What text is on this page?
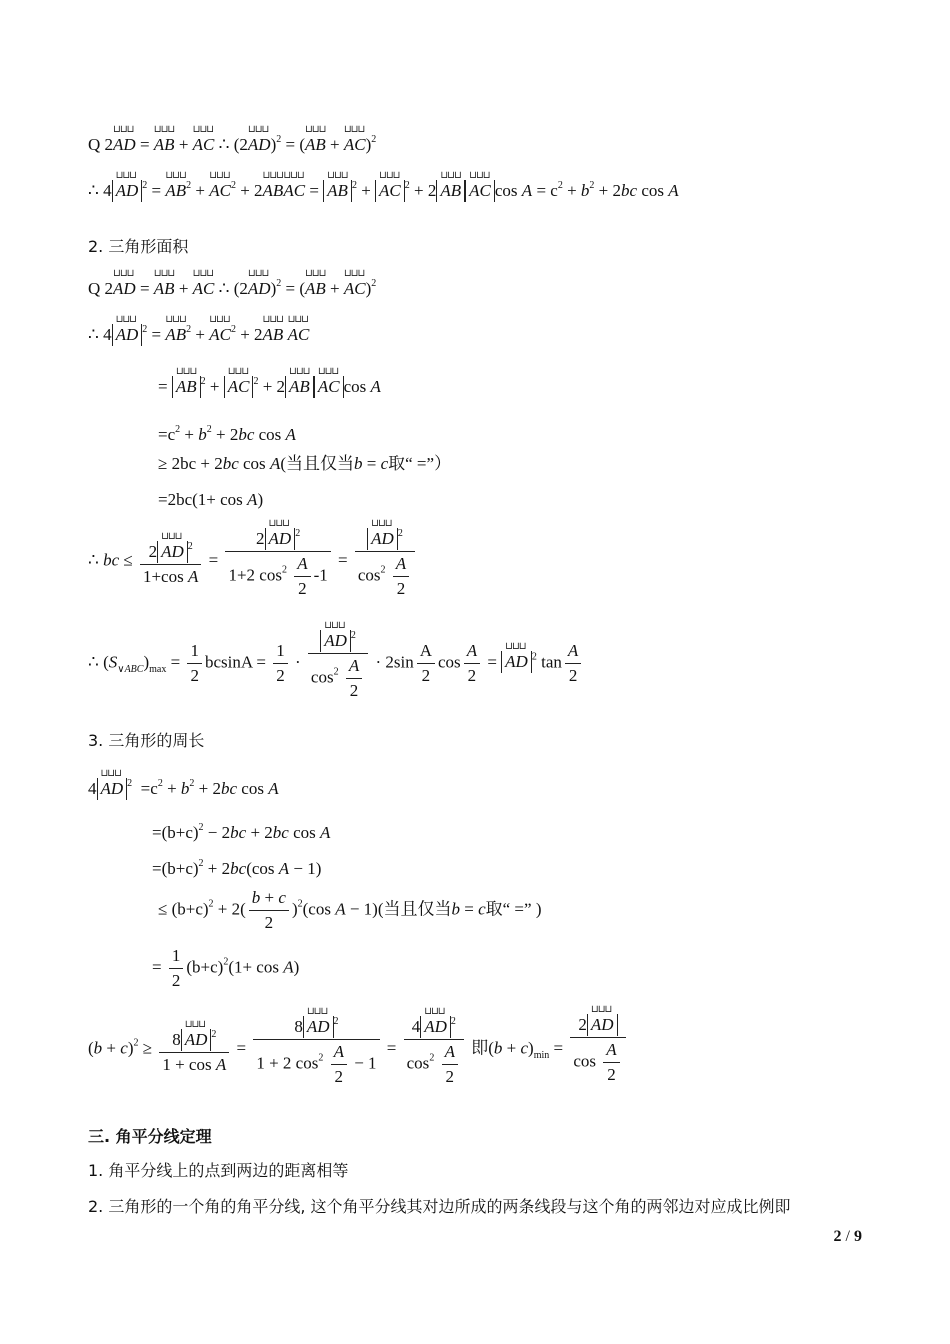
Q 2⊔⊔⊔ AD = ⊔⊔⊔ AB + ⊔⊔⊔ AC ∴ (2⊔⊔⊔ AD)$^2$ = (⊔⊔⊔ AB + ⊔⊔⊔ AC)$^2$
∴ 4 ⊔⊔⊔ AD $^2$ = ⊔⊔⊔ $AB^2$ + ⊔⊔⊔ $AC^2$ + 2⊔⊔⊔ AB⊔⊔⊔ AC = ⊔⊔⊔ AB $^2$ + ⊔⊔⊔ AC $^2$ + 2 ⊔⊔⊔ AB ⊔⊔⊔ AC $\cos A = c^2 + b^2 + 2bc$ cos A
2. 三角形面积
Q 2⊔⊔⊔ AD = ⊔⊔⊔ AB + ⊔⊔⊔ AC ∴ (2⊔⊔⊔ AD)$^2$ = (⊔⊔⊔ AB + ⊔⊔⊔ AC)$^2$
∴ 4 ⊔⊔⊔ AD $^2$ = ⊔⊔⊔ $AB^2$ + ⊔⊔⊔ $AC^2$ + 2⊔⊔⊔ AB ⊔⊔⊔ AC
= ⊔⊔⊔ AB $^2$ + ⊔⊔⊔ AC $^2$ + 2 ⊔⊔⊔ AB ⊔⊔⊔ AC cos A
$=c^2 + b^2 + 2bc$ cos A
≥ 2bc + 2bc cos A(当且仅当b = c取“ =”）
=2bc(1+ cos A)
∴ bc ≤ $\frac{2 ⊔⊔⊔ AD ^2}{\text{1+cos A}} = \frac{2 ⊔⊔⊔ AD ^2}{1+2 \cos^2 \frac{A}{2} -1}$ = ⊔⊔⊔ $\frac{AD ^2}{\cos^2 \frac{A}{2}}$
∴ $(S_{\vee ABC})_{max} = \frac{1}{2}$ $bcsinA = \frac{1}{2}$ · ⊔⊔⊔ $\frac{AD ^2}{\cos^2 \frac{A}{2}} \cdot 2\sin \frac{A}{2}$ $\cos \frac{A}{2}$ = ⊔⊔⊔ AD $^2$ $\tan \frac{A}{2}$
3. 三角形的周长
4 ⊔⊔⊔ AD $^2 =c^2 + b^2 + 2bc$ cos A
$=(b+c)^2 - 2bc + 2bc$ cos A
$=(b+c)^2 + 2bc(\cos$ A − 1)
≤ $(b+c)^2 + 2( \frac{b + c}{2} )^2(\cos$ A − 1)(当且仅当b = c取“ =” )
= $\frac{1}{2} (b+c)^2(1+ \cos A)$
$(b + c)^2 \ge \frac{8 ⊔⊔⊔ AD ^2}{\text{1 + cos A}} = \frac{8 ⊔⊔⊔ AD ^2}{1 + 2 \cos^2 \frac{A}{2} - 1} = \frac{4 ⊔⊔⊔ AD ^2}{\cos^2 \frac{A}{2}}$ 即$(b + c)_{min} = \frac{2 ⊔⊔⊔ AD}{\cos \frac{A}{2}}$
三. 角平分线定理
1. 角平分线上的点到两边的距离相等
2. 三角形的一个角的角平分线, 这个角平分线其对边所成的两条线段与这个角的两邻边对应成比例即
2 / 9
